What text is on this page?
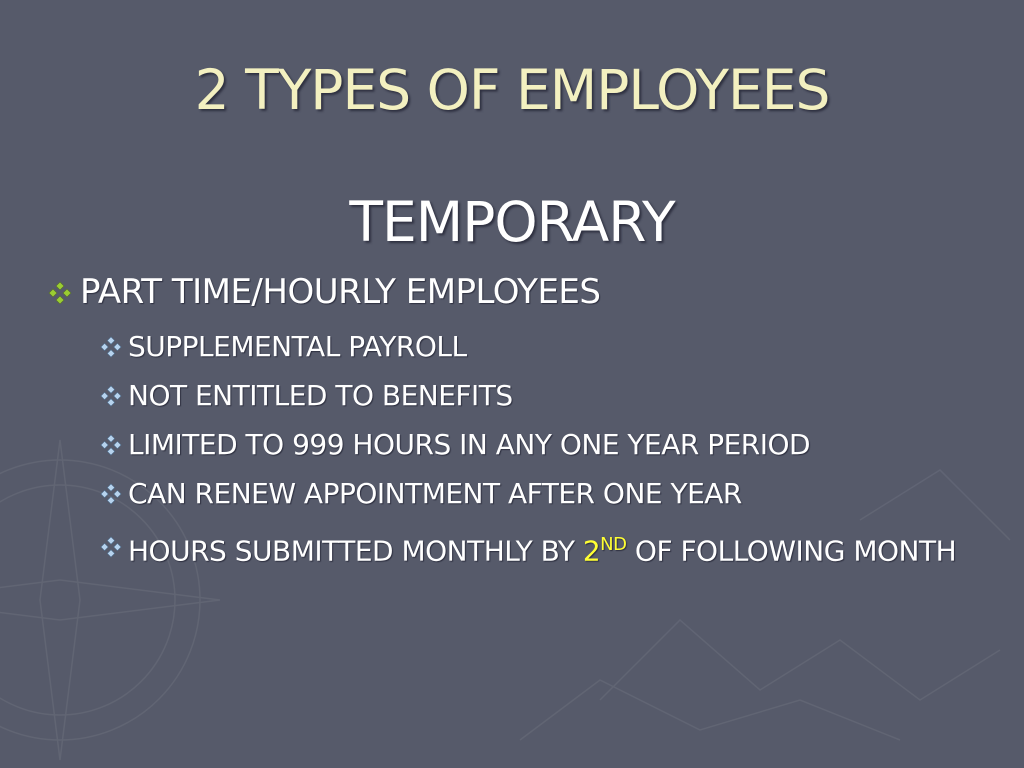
2 TYPES OF EMPLOYEES
TEMPORARY
PART TIME/HOURLY EMPLOYEES
SUPPLEMENTAL PAYROLL
NOT ENTITLED TO BENEFITS
LIMITED TO 999 HOURS IN ANY ONE YEAR PERIOD
CAN RENEW APPOINTMENT AFTER ONE YEAR
HOURS SUBMITTED MONTHLY BY 2ND OF FOLLOWING MONTH
